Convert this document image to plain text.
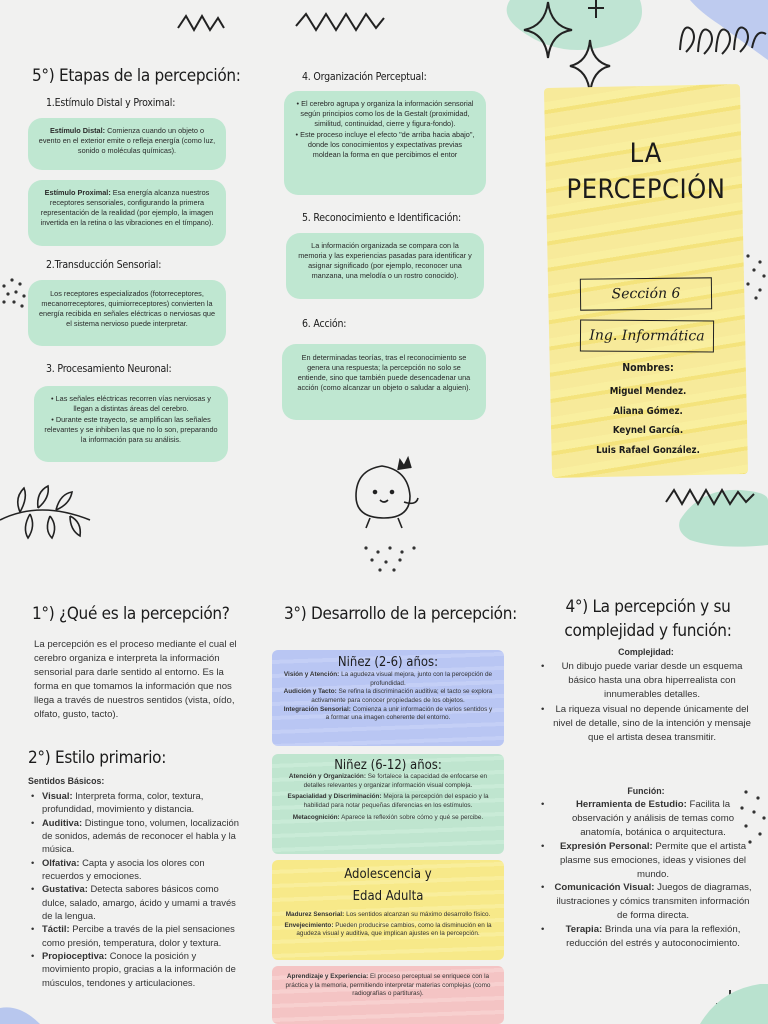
5°) Etapas de la percepción:
1.Estímulo Distal y Proximal:
Estímulo Distal: Comienza cuando un objeto o evento en el exterior emite o refleja energía (como luz, sonido o moléculas químicas).
Estímulo Proximal: Esa energía alcanza nuestros receptores sensoriales, configurando la primera representación de la realidad (por ejemplo, la imagen invertida en la retina o las vibraciones en el tímpano).
2.Transducción Sensorial:
Los receptores especializados (fotorreceptores, mecanorreceptores, quimiorreceptores) convierten la energía recibida en señales eléctricas o nerviosas que el sistema nervioso puede interpretar.
3. Procesamiento Neuronal:
• Las señales eléctricas recorren vías nerviosas y llegan a distintas áreas del cerebro.
• Durante este trayecto, se amplifican las señales relevantes y se inhiben las que no lo son, preparando la información para su análisis.
4. Organización Perceptual:
• El cerebro agrupa y organiza la información sensorial según principios como los de la Gestalt (proximidad, similitud, continuidad, cierre y figura-fondo).
• Este proceso incluye el efecto "de arriba hacia abajo", donde los conocimientos y expectativas previas moldean la forma en que percibimos el entor
5. Reconocimiento e Identificación:
La información organizada se compara con la memoria y las experiencias pasadas para identificar y asignar significado (por ejemplo, reconocer una manzana, una melodía o un rostro conocido).
6. Acción:
En determinadas teorías, tras el reconocimiento se genera una respuesta; la percepción no solo se entiende, sino que también puede desencadenar una acción (como alcanzar un objeto o saludar a alguien).
LA
PERCEPCIÓN
Sección 6
Ing. Informática
Nombres:
Miguel Mendez.
Aliana Gómez.
Keynel García.
Luis Rafael González.
1°) ¿Qué es la percepción?
La percepción es el proceso mediante el cual el cerebro organiza e interpreta la información sensorial para darle sentido al entorno. Es la forma en que tomamos la información que nos llega a través de nuestros sentidos (vista, oído, olfato, gusto, tacto).
2°) Estilo primario:
Sentidos Básicos:
• Visual: Interpreta forma, color, textura, profundidad, movimiento y distancia.
• Auditiva: Distingue tono, volumen, localización de sonidos, además de reconocer el habla y la música.
• Olfativa: Capta y asocia los olores con recuerdos y emociones.
• Gustativa: Detecta sabores básicos como dulce, salado, amargo, ácido y umami a través de la lengua.
• Táctil: Percibe a través de la piel sensaciones como presión, temperatura, dolor y textura.
• Propioceptiva: Conoce la posición y movimiento propio, gracias a la información de músculos, tendones y articulaciones.
3°) Desarrollo de la percepción:
Niñez (2-6) años:
Visión y Atención: La agudeza visual mejora, junto con la percepción de profundidad.
Audición y Tacto: Se refina la discriminación auditiva; el tacto se explora activamente para conocer propiedades de los objetos.
Integración Sensorial: Comienza a unir información de varios sentidos y a formar una imagen coherente del entorno.
Niñez (6-12) años:
Atención y Organización: Se fortalece la capacidad de enfocarse en detalles relevantes y organizar información visual compleja.
Espacialidad y Discriminación: Mejora la percepción del espacio y la habilidad para notar pequeñas diferencias en los estímulos.
Metacognición: Aparece la reflexión sobre cómo y qué se percibe.
Adolescencia y
Edad Adulta
Madurez Sensorial: Los sentidos alcanzan su máximo desarrollo físico.
Envejecimiento: Pueden producirse cambios, como la disminución en la agudeza visual y auditiva, que implican ajustes en la percepción.
Aprendizaje y Experiencia: El proceso perceptual se enriquece con la práctica y la memoria, permitiendo interpretar materias complejas (como radiografías o partituras).
4°) La percepción y su
complejidad y función:
Complejidad:
• Un dibujo puede variar desde un esquema básico hasta una obra hiperrealista con innumerables detalles.
• La riqueza visual no depende únicamente del nivel de detalle, sino de la intención y mensaje que el artista desea transmitir.
Función:
• Herramienta de Estudio: Facilita la observación y análisis de temas como anatomía, botánica o arquitectura.
• Expresión Personal: Permite que el artista plasme sus emociones, ideas y visiones del mundo.
• Comunicación Visual: Juegos de diagramas, ilustraciones y cómics transmiten información de forma directa.
• Terapia: Brinda una vía para la reflexión, reducción del estrés y autoconocimiento.
